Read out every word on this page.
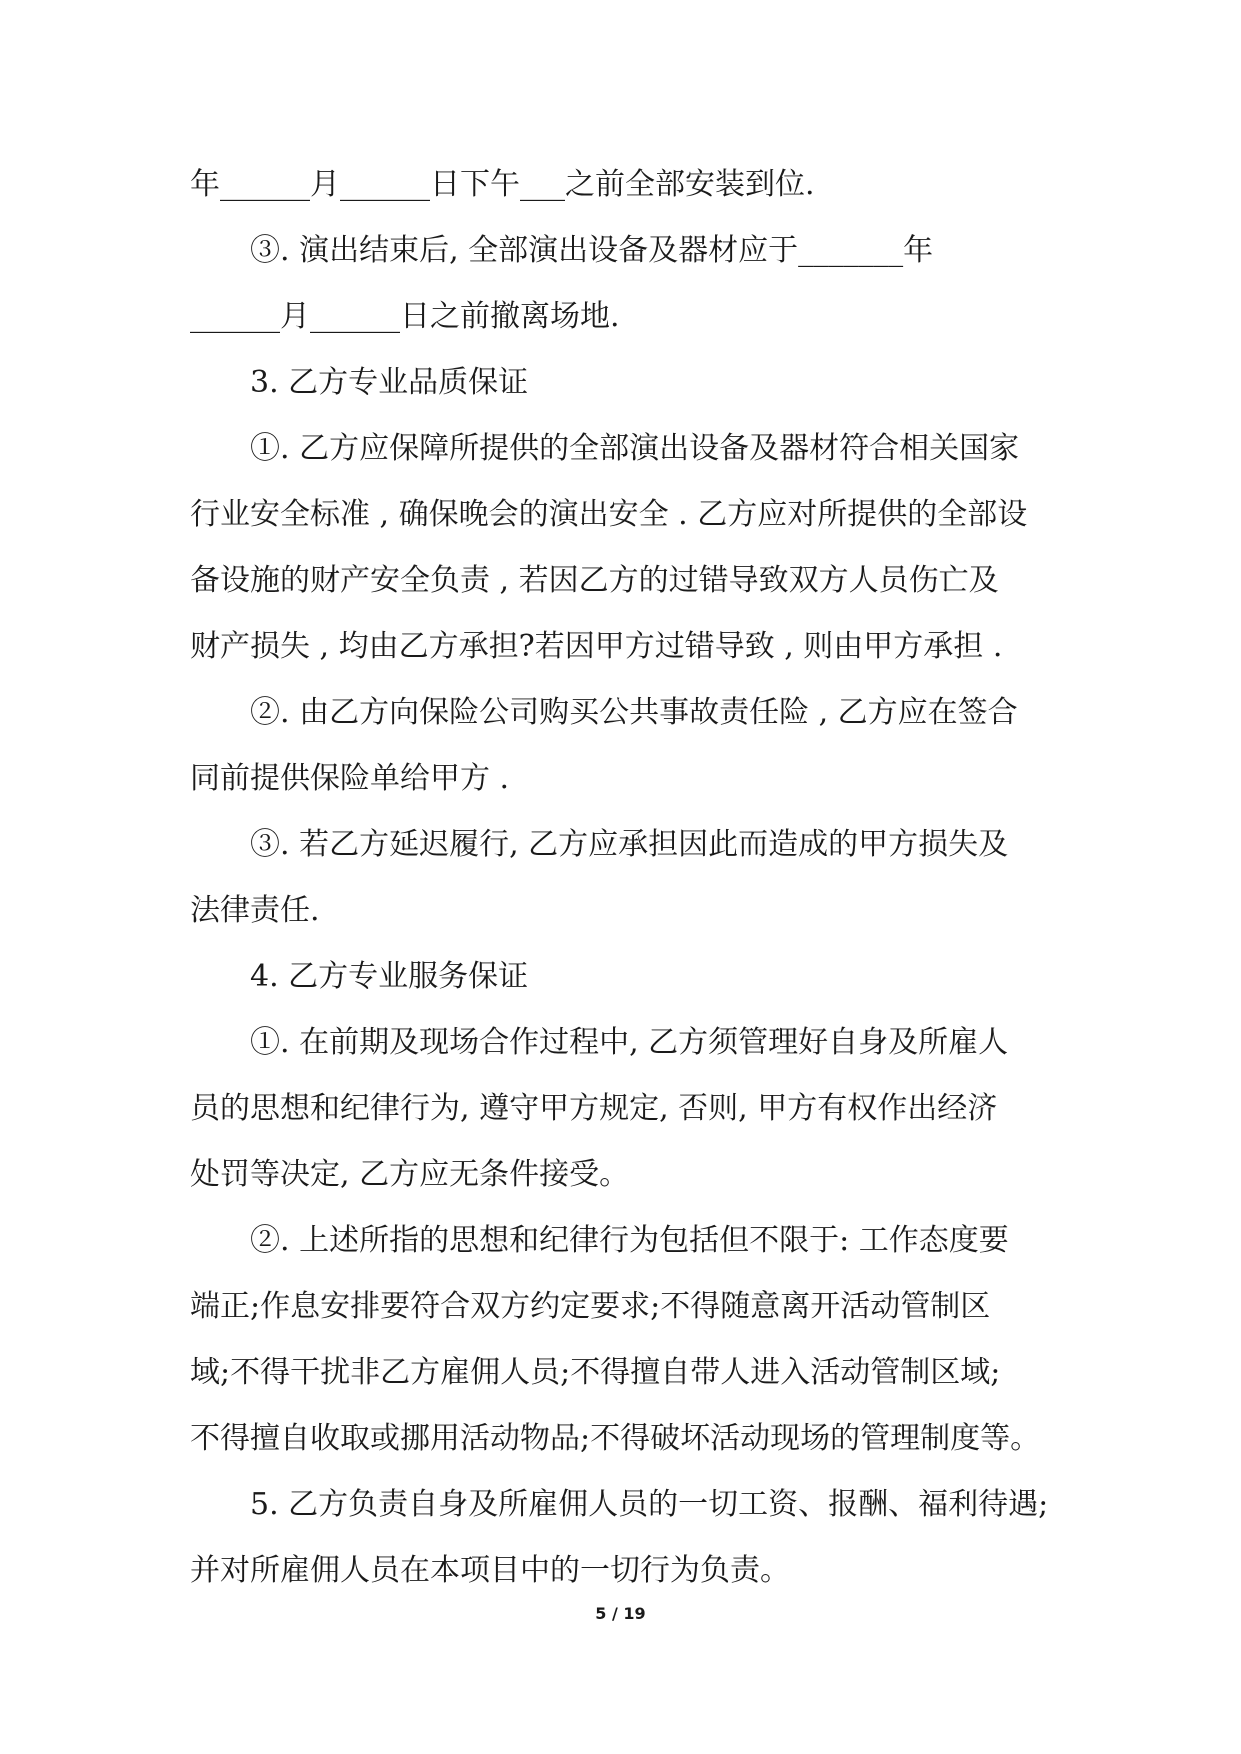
年______月______日下午___之前全部安装到位.
③. 演出结束后, 全部演出设备及器材应于_______年
______月______日之前撤离场地.
3. 乙方专业品质保证
①. 乙方应保障所提供的全部演出设备及器材符合相关国家
行业安全标准 , 确保晚会的演出安全 . 乙方应对所提供的全部设
备设施的财产安全负责 , 若因乙方的过错导致双方人员伤亡及
财产损失 , 均由乙方承担?若因甲方过错导致 , 则由甲方承担 .
②. 由乙方向保险公司购买公共事故责任险 , 乙方应在签合
同前提供保险单给甲方 .
③. 若乙方延迟履行, 乙方应承担因此而造成的甲方损失及
法律责任.
4. 乙方专业服务保证
①. 在前期及现场合作过程中, 乙方须管理好自身及所雇人
员的思想和纪律行为, 遵守甲方规定, 否则, 甲方有权作出经济
处罚等决定, 乙方应无条件接受。
②. 上述所指的思想和纪律行为包括但不限于: 工作态度要
端正;作息安排要符合双方约定要求;不得随意离开活动管制区
域;不得干扰非乙方雇佣人员;不得擅自带人进入活动管制区域;
不得擅自收取或挪用活动物品;不得破坏活动现场的管理制度等。
5. 乙方负责自身及所雇佣人员的一切工资、报酬、福利待遇;
并对所雇佣人员在本项目中的一切行为负责。
5 / 19
